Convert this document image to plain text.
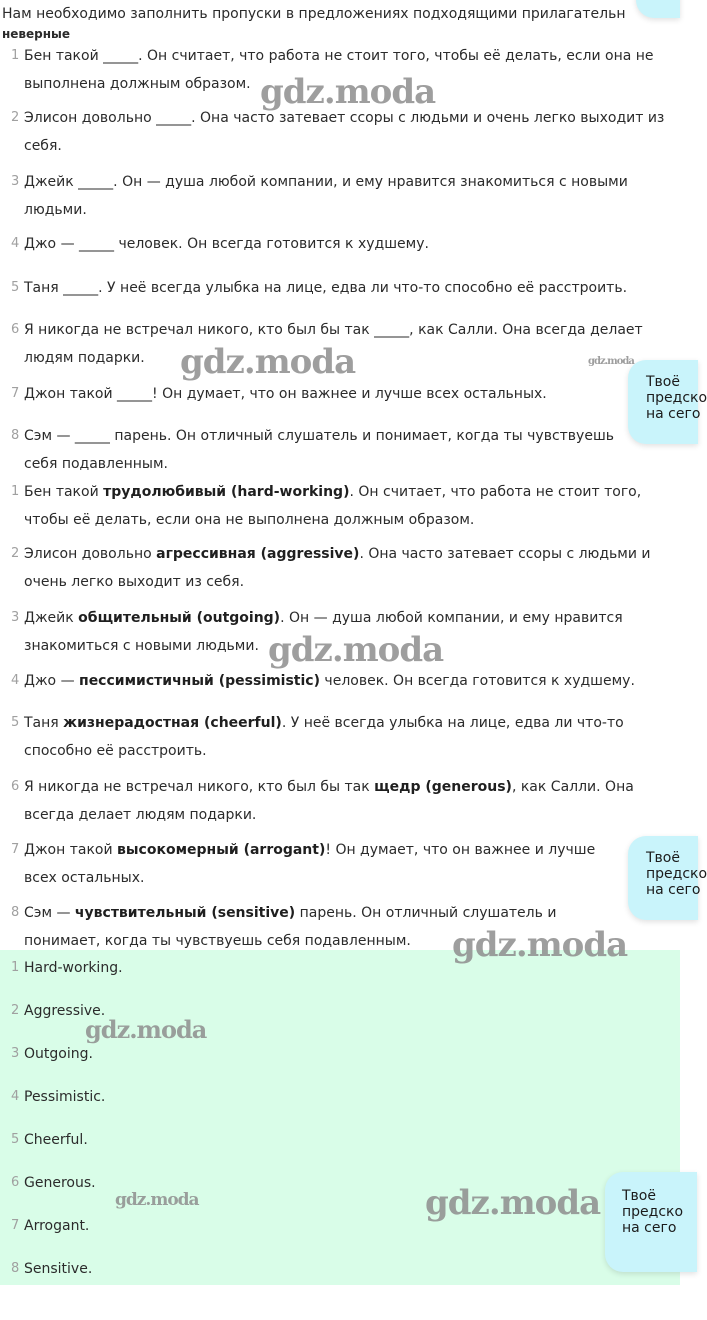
Нам необходимо заполнить пропуски в предложениях подходящими прилагательн
неверные
1 Бен такой _____. Он считает, что работа не стоит того, чтобы её делать, если она не выполнена должным образом.
2 Элисон довольно _____. Она часто затевает ссоры с людьми и очень легко выходит из себя.
3 Джейк _____. Он — душа любой компании, и ему нравится знакомиться с новыми людьми.
4 Джо — _____ человек. Он всегда готовится к худшему.
5 Таня _____. У неё всегда улыбка на лице, едва ли что-то способно её расстроить.
6 Я никогда не встречал никого, кто был бы так _____, как Салли. Она всегда делает людям подарки.
7 Джон такой _____! Он думает, что он важнее и лучше всех остальных.
8 Сэм — _____ парень. Он отличный слушатель и понимает, когда ты чувствуешь себя подавленным.
1 Бен такой трудолюбивый (hard-working). Он считает, что работа не стоит того, чтобы её делать, если она не выполнена должным образом.
2 Элисон довольно агрессивная (aggressive). Она часто затевает ссоры с людьми и очень легко выходит из себя.
3 Джейк общительный (outgoing). Он — душа любой компании, и ему нравится знакомиться с новыми людьми.
4 Джо — пессимистичный (pessimistic) человек. Он всегда готовится к худшему.
5 Таня жизнерадостная (cheerful). У неё всегда улыбка на лице, едва ли что-то способно её расстроить.
6 Я никогда не встречал никого, кто был бы так щедр (generous), как Салли. Она всегда делает людям подарки.
7 Джон такой высокомерный (arrogant)! Он думает, что он важнее и лучше всех остальных.
8 Сэм — чувствительный (sensitive) парень. Он отличный слушатель и понимает, когда ты чувствуешь себя подавленным.
1 Hard-working.
2 Aggressive.
3 Outgoing.
4 Pessimistic.
5 Cheerful.
6 Generous.
7 Arrogant.
8 Sensitive.
gdz.moda
gdz.moda	gdz.moda
gdz.moda
gdz.moda
gdz.moda
gdz.moda	gdz.moda
Твоё
предско
на сего
Твоё
предско
на сего
Твоё
предско
на сего
